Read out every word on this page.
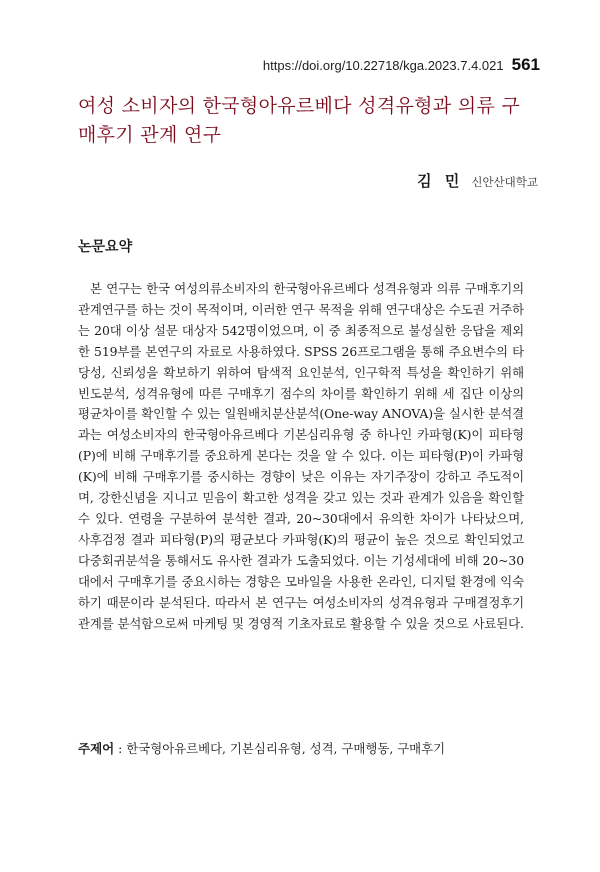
https://doi.org/10.22718/kga.2023.7.4.021 561
여성 소비자의 한국형아유르베다 성격유형과 의류 구매후기 관계 연구
김 민 신안산대학교
논문요약

본 연구는 한국 여성의류소비자의 한국형아유르베다 성격유형과 의류 구매후기의 관계연구를 하는 것이 목적이며, 이러한 연구 목적을 위해 연구대상은 수도권 거주하는 20대 이상 설문 대상자 542명이었으며, 이 중 최종적으로 불성실한 응답을 제외한 519부를 본연구의 자료로 사용하였다. SPSS 26프로그램을 통해 주요변수의 타당성, 신뢰성을 확보하기 위하여 탐색적 요인분석, 인구학적 특성을 확인하기 위해 빈도분석, 성격유형에 따른 구매후기 점수의 차이를 확인하기 위해 세 집단 이상의 평균차이를 확인할 수 있는 일원배치분산분석(One-way ANOVA)을 실시한 분석결과는 여성소비자의 한국형아유르베다 기본심리유형 중 하나인 카파형(K)이 피타형(P)에 비해 구매후기를 중요하게 본다는 것을 알 수 있다. 이는 피타형(P)이 카파형(K)에 비해 구매후기를 중시하는 경향이 낮은 이유는 자기주장이 강하고 주도적이며, 강한신념을 지니고 믿음이 확고한 성격을 갖고 있는 것과 관계가 있음을 확인할 수 있다. 연령을 구분하여 분석한 결과, 20~30대에서 유의한 차이가 나타났으며, 사후검정 결과 피타형(P)의 평균보다 카파형(K)의 평균이 높은 것으로 확인되었고 다중회귀분석을 통해서도 유사한 결과가 도출되었다. 이는 기성세대에 비해 20~30대에서 구매후기를 중요시하는 경향은 모바일을 사용한 온라인, 디지털 환경에 익숙하기 때문이라 분석된다. 따라서 본 연구는 여성소비자의 성격유형과 구매결정후기 관계를 분석함으로써 마케팅 및 경영적 기초자료로 활용할 수 있을 것으로 사료된다.

주제어 : 한국형아유르베다, 기본심리유형, 성격, 구매행동, 구매후기
